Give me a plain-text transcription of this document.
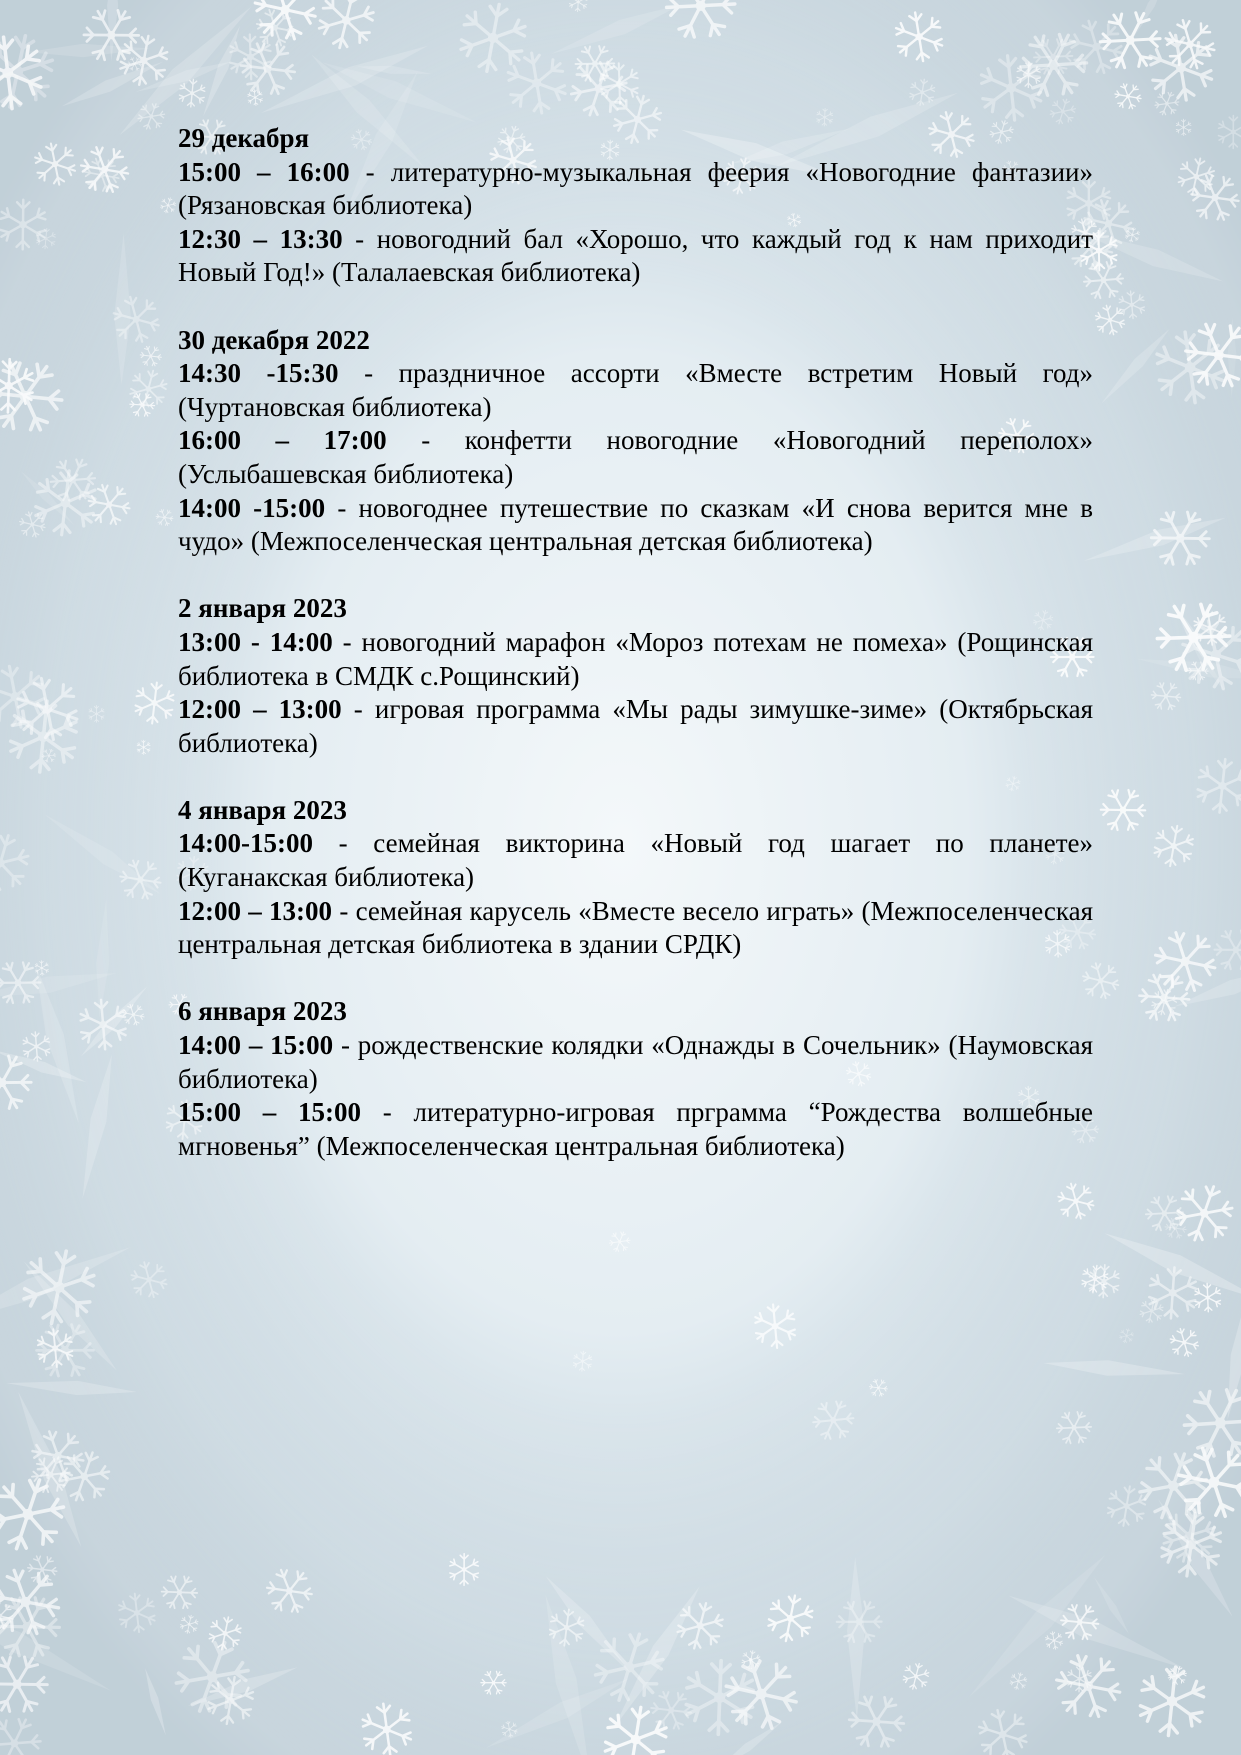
29 декабря

15:00 – 16:00 - литературно-музыкальная феерия «Новогодние фантазии» (Рязановская библиотека)

12:30 – 13:30 - новогодний бал «Хорошо, что каждый год к нам приходит Новый Год!» (Талалаевская библиотека)

30 декабря 2022

14:30 -15:30 - праздничное ассорти «Вместе встретим Новый год» (Чуртановская библиотека)

16:00 – 17:00 - конфетти новогодние «Новогодний переполох» (Услыбашевская библиотека)

14:00 -15:00 - новогоднее путешествие по сказкам «И снова верится мне в чудо» (Межпоселенческая центральная детская библиотека)

2 января 2023

13:00 - 14:00 - новогодний марафон «Мороз потехам не помеха» (Рощинская библиотека в СМДК с.Рощинский)

12:00 – 13:00 - игровая программа «Мы рады зимушке-зиме» (Октябрьская библиотека)

4 января 2023

14:00-15:00 - семейная викторина «Новый год шагает по планете» (Куганакская библиотека)

12:00 – 13:00 - семейная карусель «Вместе весело играть» (Межпоселенческая центральная детская библиотека в здании СРДК)

6 января 2023

14:00 – 15:00 - рождественские колядки «Однажды в Сочельник» (Наумовская библиотека)

15:00 – 15:00 - литературно-игровая прграмма “Рождества волшебные мгновенья” (Межпоселенческая центральная библиотека)
